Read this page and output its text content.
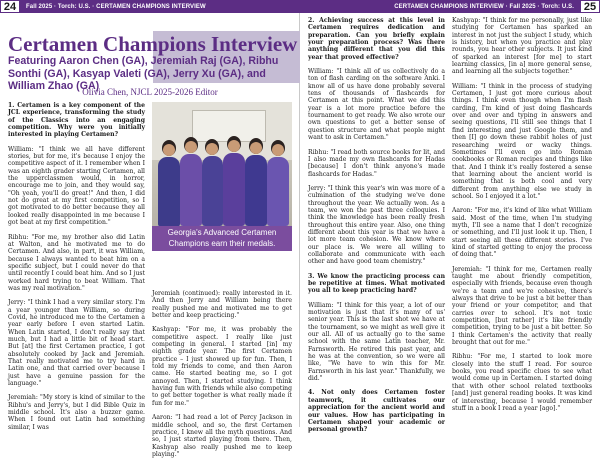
24	Fall 2025 · Torch: U.S. · CERTAMEN CHAMPIONS INTERVIEW
Certamen Champions Interview
Featuring Aaron Chen (GA), Jeremiah Raj (GA), Ribhu Sonthi (GA), Kasyap Valeti (GA), Jerry Xu (GA), and William Zhao (GA)
Olivia Chen, NJCL 2025-2026 Editor

1. Certamen is a key component of the JCL experience, transforming the study of the Classics into an engaging competition. Why were you initially interested in playing Certamen?

William: "I think we all have different stories, but for me, it's because I enjoy the competitive aspect of it. I remember when I was an eighth grader starting Certamen, all the upperclassmen would, in horror, encourage me to join, and they would say, "Oh yeah, you'll do great!" And then, I did not do great at my first competition, so I got motivated to do better because they all looked really disappointed in me because I got beat at my first competition."

Ribhu: "For me, my brother also did Latin at Walton, and he motivated me to do Certamen. And also, in part, it was William, because I always wanted to beat him on a specific subject, but I could never do that until recently I could beat him. And so I just worked hard trying to beat William. That was my real motivation."

Jerry: "I think I had a very similar story. I'm a year younger than William, so during Covid, he introduced me to the Certamen a year early before I even started Latin. When Latin started, I don't really say that much, but I had a little bit of head start. But [at] the first Certamen practice, I got absolutely cooked by Jack and Jeremiah. That really motivated me to try hard in Latin one, and that carried over because I just have a genuine passion for the language."

Jeremiah: "My story is kind of similar to the Ribhu's and Jerry's, but I did Bible Quiz in middle school. It's also a buzzer game. When I found out Latin had something similar, I was

Georgia's Advanced Certamen Champions earn their medals.

Jeremiah (continued): really interested in it. And then Jerry and William being there really pushed me and motivated me to get better and keep practicing."

Kashyap: "For me, it was probably the competitive aspect. I really like just competing in general. I started [in] my eighth grade year. The first Certamen practice – I just showed up for fun. Then, I told my friends to come, and then Aaron came. He started beating me, so I got annoyed. Then, I started studying. I think having fun with friends while also competing to get better together is what really made it fun for me."

Aaron: "I had read a lot of Percy Jackson in middle school, and so, the first Certamen practice, I knew all the myth questions. And so, I just started playing from there. Then, Kashyap also really pushed me to keep playing."

CERTAMEN CHAMPIONS INTERVIEW · Fall 2025 · Torch: U.S. 25

2. Achieving success at this level in Certamen requires dedication and preparation. Can you briefly explain your preparation process? Was there anything different that you did this year that proved effective?

William: "I think all of us collectively do a ton of flash carding on the software Anki. I know all of us have done probably several tens of thousands of flashcards for Certamen at this point. What we did this year is a lot more practice before the tournament to get ready. We also wrote our own questions to get a better sense of question structure and what people might want to ask in Certamen."

Ribhu: "I read both source books for lit, and I also made my own flashcards for Hadas [because] I don't think anyone's made flashcards for Hadas."

Jerry: "I think this year's win was more of a culmination of the studying we've done throughout the year. We actually won. As a team, we won the past three colloquies. I think the knowledge has been really fresh throughout this entire year. Also, one thing different about this year is that we have a lot more team cohesion. We know where our place is. We were all willing to collaborate and communicate with each other and have good team chemistry."

3. We know the practicing process can be repetitive at times. What motivated you all to keep practicing hard?

William: "I think for this year, a lot of our motivation is just that it's many of us' senior year. This is the last shot we have at the tournament, so we might as well give it our all. All of us actually go to the same school with the same Latin teacher, Mr. Farnsworth. He retired this past year, and he was at the convention, so we were all like, "We have to win this for Mr. Farnsworth in his last year." Thankfully, we did."

4. Not only does Certamen foster teamwork, it cultivates our appreciation for the ancient world and our values. How has participating in Certamen shaped your academic or personal growth?

Kashyap: "I think for me personally, just like studying for Certamen has sparked an interest in not just the subject I study, which is history, but when you practice and play rounds, you hear other subjects. It just kind of sparked an interest [for me] to start learning classics, [in a] more general sense, and learning all the subjects together."

William: "I think in the process of studying Certamen, I just got more curious about things. I think even though when I'm flash carding, I'm kind of just doing flashcards over and over and typing in answers and seeing questions, I'll still see things that I find interesting and just Google them, and then [I] go down these rabbit holes of just researching weird or wacky things. Sometimes I'll even go into Roman cookbooks or Roman recipes and things like that. And I think it's really fostered a sense that learning about the ancient world is something that is both cool and very different from anything else we study in school. So I enjoyed it a lot."

Aaron: "For me, it's kind of like what William said. Most of the time, when I'm studying myth, I'll see a name that I don't recognize or something, and I'll just look it up. Then, I start seeing all these different stories. I've kind of started getting to enjoy the process of doing that."

Jeremiah: "I think for me, Certamen really taught me about friendly competition, especially with friends, because even though we're a team and we're cohesive, there's always that drive to be just a bit better than your friend or your competitor, and that carries over to school. It's not toxic competition, [but rather] it's like friendly competition, trying to be just a bit better. So I think Certamen's the activity that really brought that out for me."

Ribhu: "For me, I started to look more closely into the stuff I read. For source books, you read specific clues to see what would come up in Certamen. I started doing that with other school related textbooks [and] just general reading books. It was kind of interesting, because I would remember stuff in a book I read a year [ago]."
